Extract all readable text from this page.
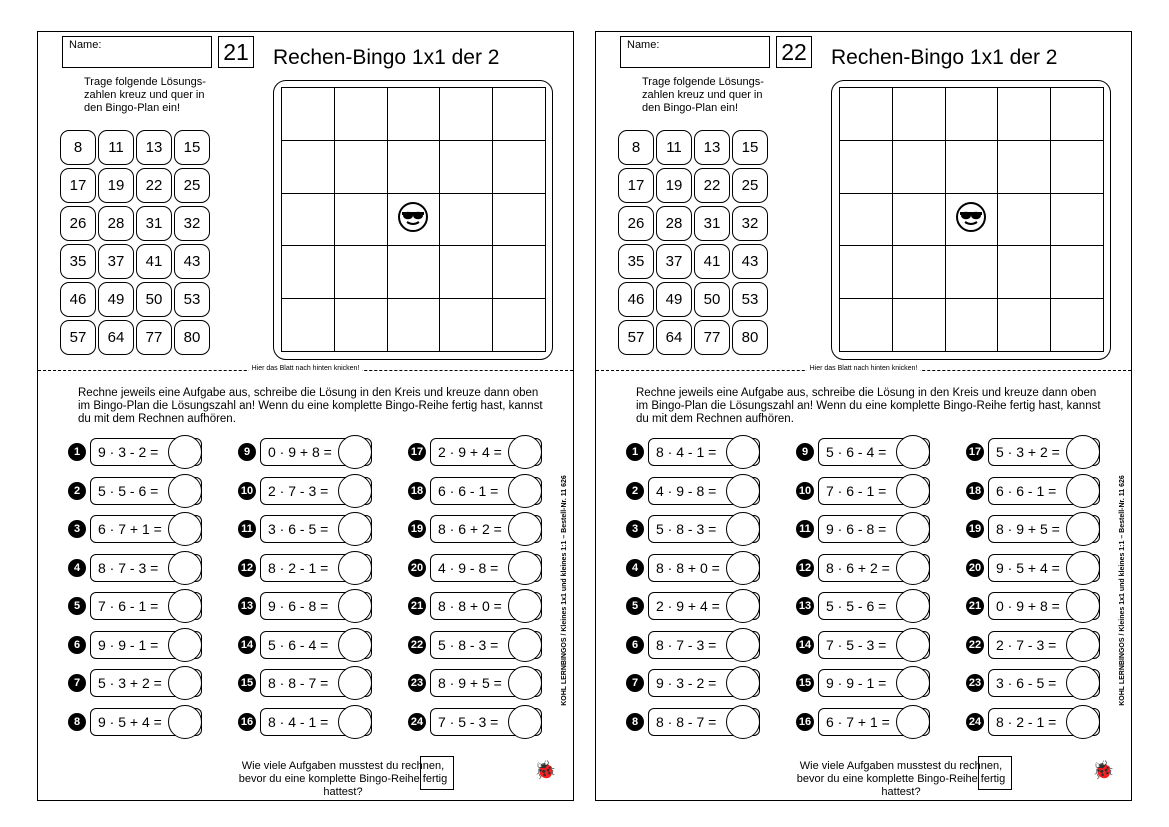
Name:	21 Rechen-Bingo 1x1 der 2
Trage folgende Lösungs- zahlen kreuz und quer in den Bingo-Plan ein!
8	11	13	15
17	19	22	25
26	28	31	32
35	37	41	43
46	49	50	53
57	64	77	80
Hier das Blatt nach hinten knicken!
Rechne jeweils eine Aufgabe aus, schreibe die Lösung in den Kreis und kreuze dann oben im Bingo-Plan die Lösungszahl an! Wenn du eine komplette Bingo-Reihe fertig hast, kannst du mit dem Rechnen aufhören.
1	9 · 3 - 2 =
2	5 · 5 - 6 =
3	6 · 7 + 1 =
4	8 · 7 - 3 =
5	7 · 6 - 1 =
6	9 · 9 - 1 =
7	5 · 3 + 2 =
8	9 · 5 + 4 =
9	0 · 9 + 8 =
10	2 · 7 - 3 =
11	3 · 6 - 5 =
12	8 · 2 - 1 =
13	9 · 6 - 8 =
14	5 · 6 - 4 =
15	8 · 8 - 7 =
16	8 · 4 - 1 =
17	2 · 9 + 4 =
18	6 · 6 - 1 =
19	8 · 6 + 2 =
20	4 · 9 - 8 =
21	8 · 8 + 0 =
22	5 · 8 - 3 =
23	8 · 9 + 5 =
24	7 · 5 - 3 =
KOHL LERNBINGOS / Kleines 1x1 und kleines 1:1 – Bestell-Nr. 11 626
Wie viele Aufgaben musstest du rechnen, bevor du eine komplette Bingo-Reihe fertig hattest?
🐞
Name:	22 Rechen-Bingo 1x1 der 2
Trage folgende Lösungs- zahlen kreuz und quer in den Bingo-Plan ein!
8	11	13	15
17	19	22	25
26	28	31	32
35	37	41	43
46	49	50	53
57	64	77	80
Hier das Blatt nach hinten knicken!
Rechne jeweils eine Aufgabe aus, schreibe die Lösung in den Kreis und kreuze dann oben im Bingo-Plan die Lösungszahl an! Wenn du eine komplette Bingo-Reihe fertig hast, kannst du mit dem Rechnen aufhören.
1	8 · 4 - 1 =
2	4 · 9 - 8 =
3	5 · 8 - 3 =
4	8 · 8 + 0 =
5	2 · 9 + 4 =
6	8 · 7 - 3 =
7	9 · 3 - 2 =
8	8 · 8 - 7 =
9	5 · 6 - 4 =
10	7 · 6 - 1 =
11	9 · 6 - 8 =
12	8 · 6 + 2 =
13	5 · 5 - 6 =
14	7 · 5 - 3 =
15	9 · 9 - 1 =
16	6 · 7 + 1 =
17	5 · 3 + 2 =
18	6 · 6 - 1 =
19	8 · 9 + 5 =
20	9 · 5 + 4 =
21	0 · 9 + 8 =
22	2 · 7 - 3 =
23	3 · 6 - 5 =
24	8 · 2 - 1 =
KOHL LERNBINGOS / Kleines 1x1 und kleines 1:1 – Bestell-Nr. 11 626
Wie viele Aufgaben musstest du rechnen, bevor du eine komplette Bingo-Reihe fertig hattest?
🐞
